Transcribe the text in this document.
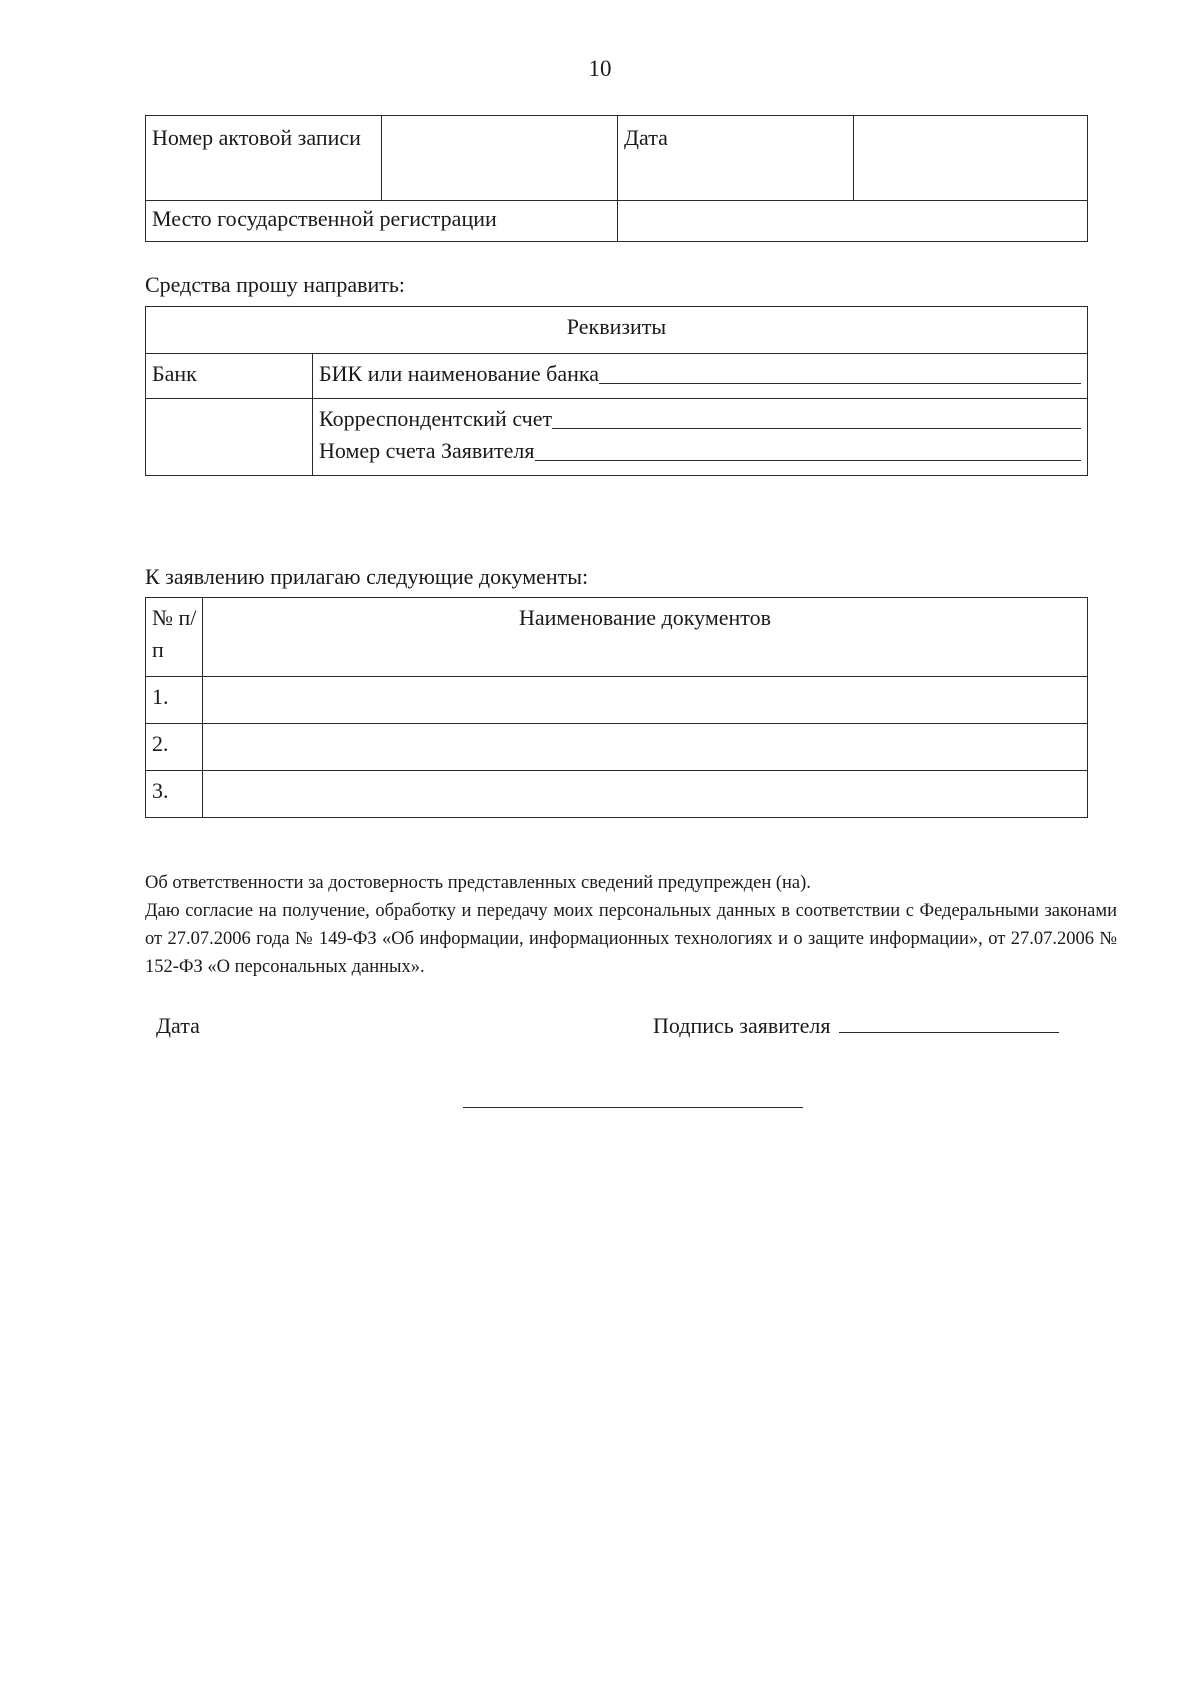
10
Номер актовой записи		Дата	
Место государственной регистрации			
Средства прошу направить:
Реквизиты	
Банк	БИК или наименование банка

	Корреспондентский счет
Номер счета Заявителя
К заявлению прилагаю следующие документы:
№ п/п	Наименование документов
1.	
2.	
3.	

Об ответственности за достоверность представленных сведений предупрежден (на).

Даю согласие на получение, обработку и передачу моих персональных данных в соответствии с Федеральными законами от 27.07.2006 года № 149-ФЗ «Об информации, информационных технологиях и о защите информации», от 27.07.2006 № 152-ФЗ «О персональных данных».

Дата	Подпись заявителя
